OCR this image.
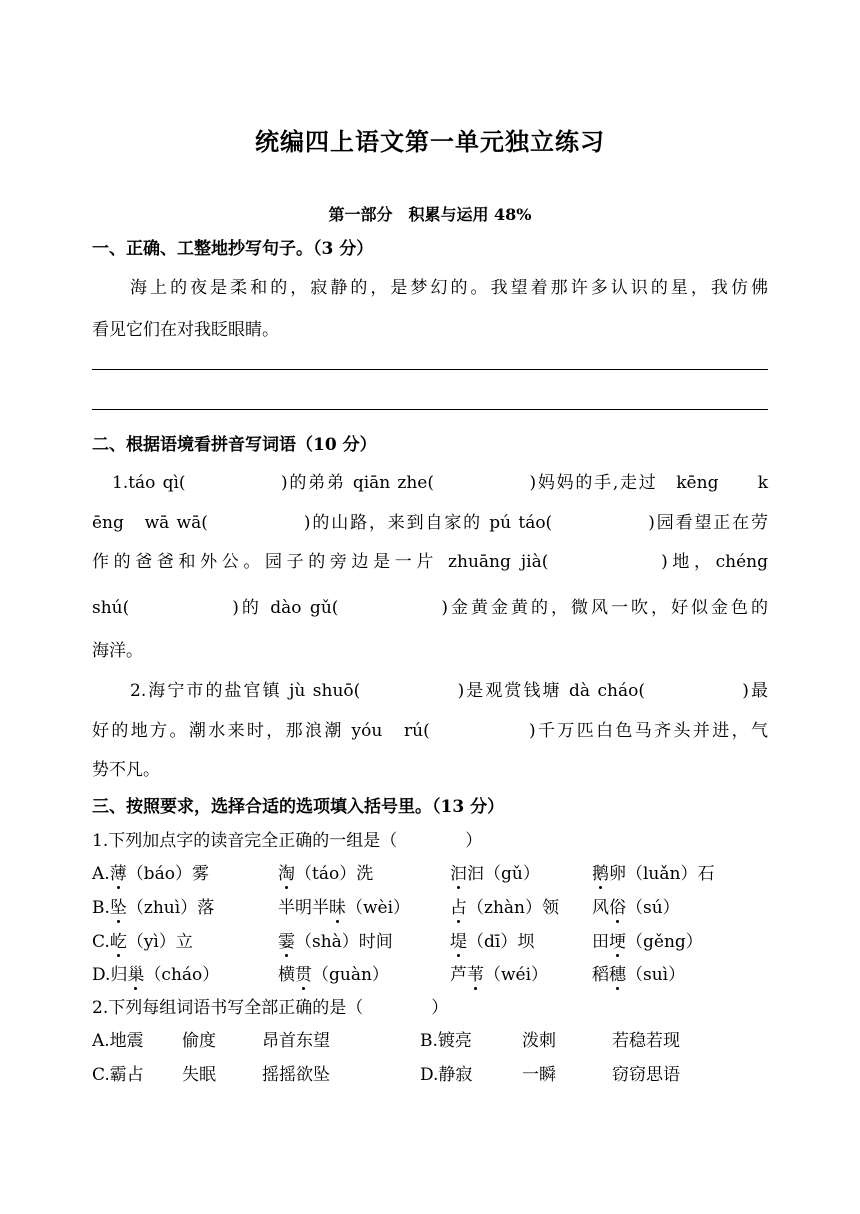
统编四上语文第一单元独立练习
第一部分　积累与运用 48%
一、正确、工整地抄写句子。（3 分）
海上的夜是柔和的，寂静的，是梦幻的。我望着那许多认识的星，我仿佛
看见它们在对我眨眼睛。
二、根据语境看拼音写词语（10 分）
1.táo qì(　　　　　)的弟弟 qiān zhe(　　　　　)妈妈的手,走过　kēng　　k
ēng　wā wā(　　　　　)的山路，来到自家的 pú táo(　　　　　)园看望正在劳
作的爸爸和外公。园子的旁边是一片 zhuāng jià(　　　　　)地，chéng
shú(　　　　　)的 dào gǔ(　　　　　)金黄金黄的，微风一吹，好似金色的
海洋。
2.海宁市的盐官镇 jù shuō(　　　　　)是观赏钱塘 dà cháo(　　　　　)最
好的地方。潮水来时，那浪潮 yóu　rú(　　　　　)千万匹白色马齐头并进，气
势不凡。
三、按照要求，选择合适的选项填入括号里。（13 分）
1.下列加点字的读音完全正确的一组是（　　　　）
A.薄（báo）雾	淘（táo）洗	汩汩（gǔ）	鹅卵（luǎn）石
B.坠（zhuì）落	半明半昧（wèi） 占（zhàn）领 风俗（sú）
C.屹（yì）立	霎（shà）时间	堤（dī）坝	田埂（gěng）
D.归巢（cháo）	横贯（guàn）	芦苇（wéi）	稻穗（suì）
2.下列每组词语书写全部正确的是（　　　　）
A.地震 偷度	昂首东望	B.镀亮	泼刺	若稳若现
C.霸占 失眠	摇摇欲坠	D.静寂	一瞬	窃窃思语
